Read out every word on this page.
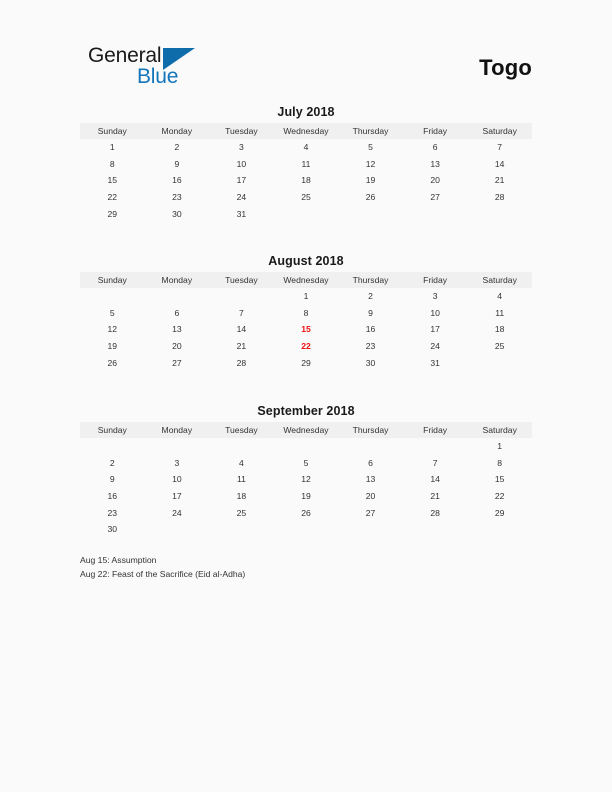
General
Blue	Togo
July 2018
Sunday	Monday	Tuesday	Wednesday	Thursday	Friday	Saturday
1	2	3	4	5	6	7
8	9	10	11	12	13	14
15	16	17	18	19	20	21
22	23	24	25	26	27	28
29	30	31				
August 2018
Sunday	Monday	Tuesday	Wednesday	Thursday	Friday	Saturday
			1	2	3	4
5	6	7	8	9	10	11
12	13	14	15	16	17	18
19	20	21	22	23	24	25
26	27	28	29	30	31	
September 2018
Sunday	Monday	Tuesday	Wednesday	Thursday	Friday	Saturday
						1
2	3	4	5	6	7	8
9	10	11	12	13	14	15
16	17	18	19	20	21	22
23	24	25	26	27	28	29
30						
Aug 15: Assumption
Aug 22: Feast of the Sacrifice (Eid al-Adha)
